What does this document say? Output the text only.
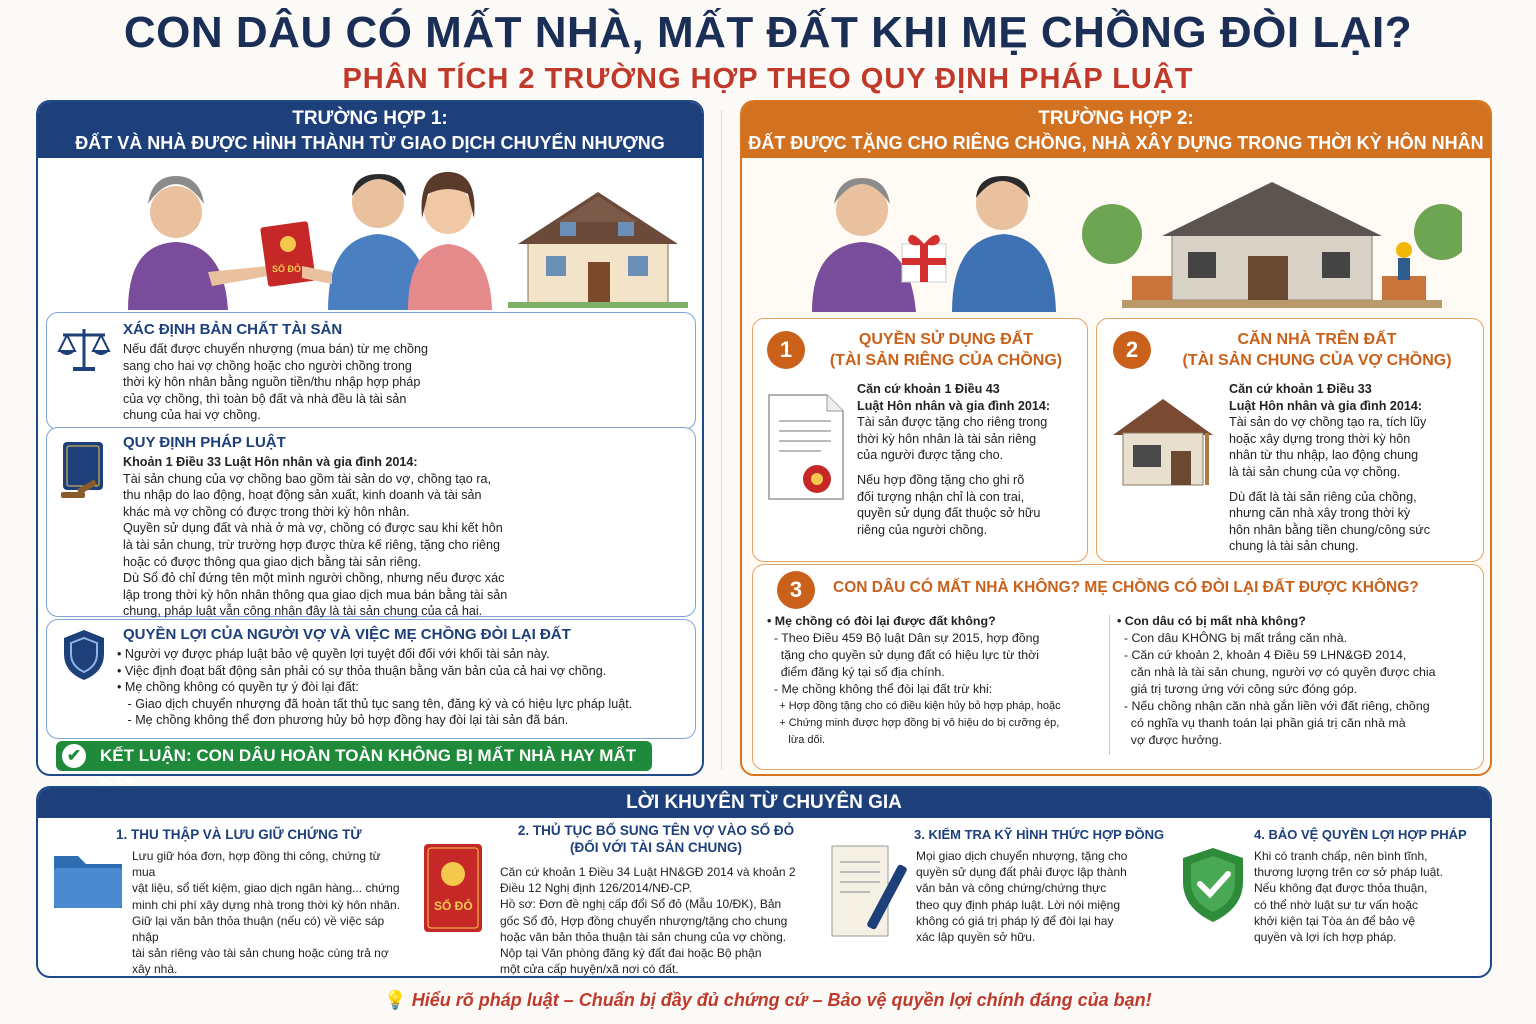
CON DÂU CÓ MẤT NHÀ, MẤT ĐẤT KHI MẸ CHỒNG ĐÒI LẠI?
PHÂN TÍCH 2 TRƯỜNG HỢP THEO QUY ĐỊNH PHÁP LUẬT
TRƯỜNG HỢP 1:
ĐẤT VÀ NHÀ ĐƯỢC HÌNH THÀNH TỪ GIAO DỊCH CHUYỂN NHƯỢNG
SỔ ĐỎ
XÁC ĐỊNH BẢN CHẤT TÀI SẢN
Nếu đất được chuyển nhượng (mua bán) từ mẹ chồng
sang cho hai vợ chồng hoặc cho người chồng trong
thời kỳ hôn nhân bằng nguồn tiền/thu nhập hợp pháp
của vợ chồng, thì toàn bộ đất và nhà đều là tài sản
chung của hai vợ chồng.
QUY ĐỊNH PHÁP LUẬT
Khoản 1 Điều 33 Luật Hôn nhân và gia đình 2014:
Tài sản chung của vợ chồng bao gồm tài sản do vợ, chồng tạo ra,
thu nhập do lao động, hoạt động sản xuất, kinh doanh và tài sản
khác mà vợ chồng có được trong thời kỳ hôn nhân.
Quyền sử dụng đất và nhà ở mà vợ, chồng có được sau khi kết hôn
là tài sản chung, trừ trường hợp được thừa kế riêng, tặng cho riêng
hoặc có được thông qua giao dịch bằng tài sản riêng.
Dù Sổ đỏ chỉ đứng tên một mình người chồng, nhưng nếu được xác
lập trong thời kỳ hôn nhân thông qua giao dịch mua bán bằng tài sản
chung, pháp luật vẫn công nhận đây là tài sản chung của cả hai.
QUYỀN LỢI CỦA NGƯỜI VỢ VÀ VIỆC MẸ CHỒNG ĐÒI LẠI ĐẤT
• Người vợ được pháp luật bảo vệ quyền lợi tuyệt đối đối với khối tài sản này.
• Việc định đoạt bất động sản phải có sự thỏa thuận bằng văn bản của cả hai vợ chồng.
• Mẹ chồng không có quyền tự ý đòi lại đất:
- Giao dịch chuyển nhượng đã hoàn tất thủ tục sang tên, đăng ký và có hiệu lực pháp luật.
- Mẹ chồng không thể đơn phương hủy bỏ hợp đồng hay đòi lại tài sản đã bán.
✔ KẾT LUẬN: CON DÂU HOÀN TOÀN KHÔNG BỊ MẤT NHÀ HAY MẤT
TRƯỜNG HỢP 2:
ĐẤT ĐƯỢC TẶNG CHO RIÊNG CHỒNG, NHÀ XÂY DỰNG TRONG THỜI KỲ HÔN NHÂN
1	QUYỀN SỬ DỤNG ĐẤT
(TÀI SẢN RIÊNG CỦA CHỒNG)
Căn cứ khoản 1 Điều 43
Luật Hôn nhân và gia đình 2014:
Tài sản được tặng cho riêng trong
thời kỳ hôn nhân là tài sản riêng
của người được tặng cho.
Nếu hợp đồng tặng cho ghi rõ
đối tượng nhận chỉ là con trai,
quyền sử dụng đất thuộc sở hữu
riêng của người chồng.
2	CĂN NHÀ TRÊN ĐẤT
(TÀI SẢN CHUNG CỦA VỢ CHỒNG)
Căn cứ khoản 1 Điều 33
Luật Hôn nhân và gia đình 2014:
Tài sản do vợ chồng tạo ra, tích lũy
hoặc xây dựng trong thời kỳ hôn
nhân từ thu nhập, lao động chung
là tài sản chung của vợ chồng.
Dù đất là tài sản riêng của chồng,
nhưng căn nhà xây trong thời kỳ
hôn nhân bằng tiền chung/công sức
chung là tài sản chung.
3	CON DÂU CÓ MẤT NHÀ KHÔNG? MẸ CHỒNG CÓ ĐÒI LẠI ĐẤT ĐƯỢC KHÔNG?
• Mẹ chồng có đòi lại được đất không?
- Theo Điều 459 Bộ luật Dân sự 2015, hợp đồng
tặng cho quyền sử dụng đất có hiệu lực từ thời
điểm đăng ký tại sổ địa chính.
- Mẹ chồng không thể đòi lại đất trừ khi:
+ Hợp đồng tặng cho có điều kiện hủy bỏ hợp pháp, hoặc
+ Chứng minh được hợp đồng bị vô hiệu do bị cưỡng ép,
lừa dối.
• Con dâu có bị mất nhà không?
- Con dâu KHÔNG bị mất trắng căn nhà.
- Căn cứ khoản 2, khoản 4 Điều 59 LHN&GĐ 2014,
căn nhà là tài sản chung, người vợ có quyền được chia
giá trị tương ứng với công sức đóng góp.
- Nếu chồng nhận căn nhà gắn liền với đất riêng, chồng
có nghĩa vụ thanh toán lại phần giá trị căn nhà mà
vợ được hưởng.
LỜI KHUYÊN TỪ CHUYÊN GIA
1. THU THẬP VÀ LƯU GIỮ CHỨNG TỪ
Lưu giữ hóa đơn, hợp đồng thi công, chứng từ mua
vật liệu, sổ tiết kiệm, giao dịch ngân hàng... chứng
minh chi phí xây dựng nhà trong thời kỳ hôn nhân.
Giữ lại văn bản thỏa thuận (nếu có) về việc sáp nhập
tài sản riêng vào tài sản chung hoặc cùng trả nợ
xây nhà.
SỔ ĐỎ
2. THỦ TỤC BỔ SUNG TÊN VỢ VÀO SỔ ĐỎ
(ĐỐI VỚI TÀI SẢN CHUNG)
Căn cứ khoản 1 Điều 34 Luật HN&GĐ 2014 và khoản 2
Điều 12 Nghị định 126/2014/NĐ-CP.
Hồ sơ: Đơn đề nghị cấp đổi Sổ đỏ (Mẫu 10/ĐK), Bản
gốc Sổ đỏ, Hợp đồng chuyển nhượng/tặng cho chung
hoặc văn bản thỏa thuận tài sản chung của vợ chồng.
Nộp tại Văn phòng đăng ký đất đai hoặc Bộ phận
một cửa cấp huyện/xã nơi có đất.
3. KIỂM TRA KỸ HÌNH THỨC HỢP ĐỒNG
Mọi giao dịch chuyển nhượng, tặng cho
quyền sử dụng đất phải được lập thành
văn bản và công chứng/chứng thực
theo quy định pháp luật. Lời nói miệng
không có giá trị pháp lý để đòi lại hay
xác lập quyền sở hữu.
4. BẢO VỆ QUYỀN LỢI HỢP PHÁP
Khi có tranh chấp, nên bình tĩnh,
thương lượng trên cơ sở pháp luật.
Nếu không đạt được thỏa thuận,
có thể nhờ luật sư tư vấn hoặc
khởi kiện tại Tòa án để bảo vệ
quyền và lợi ích hợp pháp.
💡 Hiểu rõ pháp luật – Chuẩn bị đầy đủ chứng cứ – Bảo vệ quyền lợi chính đáng của bạn!
